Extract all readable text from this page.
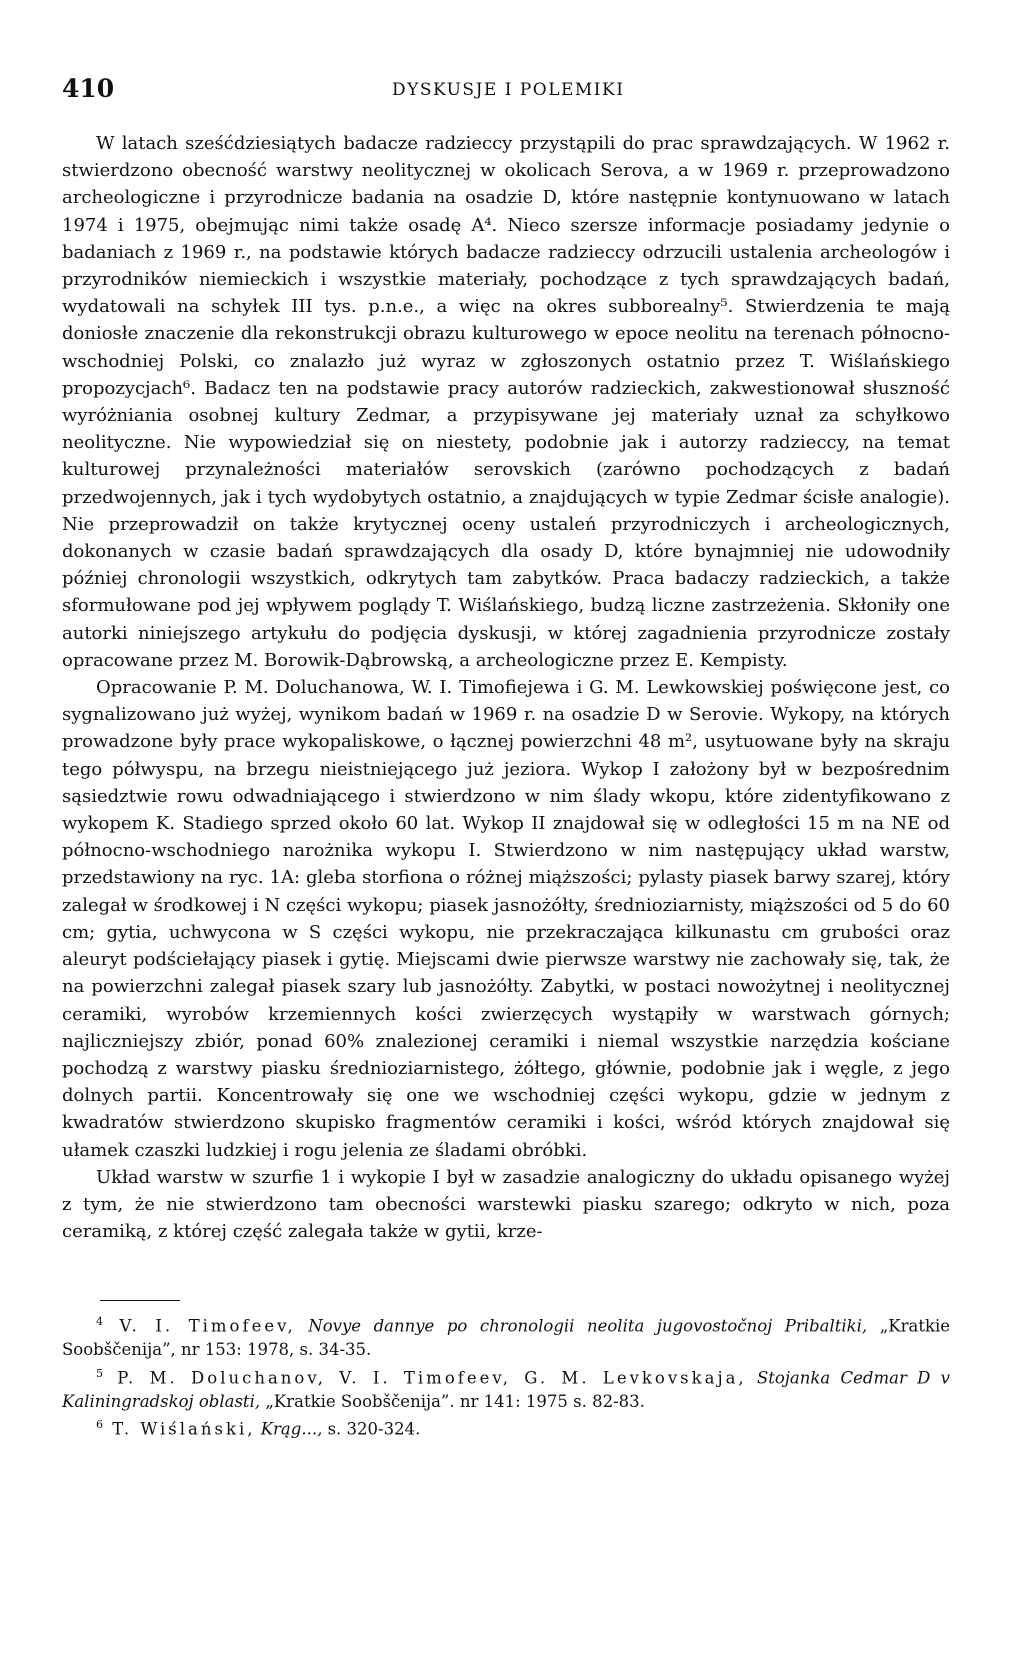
410	DYSKUSJE I POLEMIKI

W latach sześćdziesiątych badacze radzieccy przystąpili do prac sprawdzających. W 1962 r. stwierdzono obecność warstwy neolitycznej w okolicach Serova, a w 1969 r. przeprowadzono archeologiczne i przyrodnicze badania na osadzie D, które następnie kontynuowano w latach 1974 i 1975, obejmując nimi także osadę A⁴. Nieco szersze informacje posiadamy jedynie o badaniach z 1969 r., na podstawie których badacze radzieccy odrzucili ustalenia archeologów i przyrodników niemieckich i wszystkie materiały, pochodzące z tych sprawdzających badań, wydatowali na schyłek III tys. p.n.e., a więc na okres subborealny⁵. Stwierdzenia te mają doniosłe znaczenie dla rekonstrukcji obrazu kulturowego w epoce neolitu na terenach północno-wschodniej Polski, co znalazło już wyraz w zgłoszonych ostatnio przez T. Wiślańskiego propozycjach⁶. Badacz ten na podstawie pracy autorów radzieckich, zakwestionował słuszność wyróżniania osobnej kultury Zedmar, a przypisywane jej materiały uznał za schyłkowo neolityczne. Nie wypowiedział się on niestety, podobnie jak i autorzy radzieccy, na temat kulturowej przynależności materiałów serovskich (zarówno pochodzących z badań przedwojennych, jak i tych wydobytych ostatnio, a znajdujących w typie Zedmar ścisłe analogie). Nie przeprowadził on także krytycznej oceny ustaleń przyrodniczych i archeologicznych, dokonanych w czasie badań sprawdzających dla osady D, które bynajmniej nie udowodniły później chronologii wszystkich, odkrytych tam zabytków. Praca badaczy radzieckich, a także sformułowane pod jej wpływem poglądy T. Wiślańskiego, budzą liczne zastrzeżenia. Skłoniły one autorki niniejszego artykułu do podjęcia dyskusji, w której zagadnienia przyrodnicze zostały opracowane przez M. Borowik-Dąbrowską, a archeologiczne przez E. Kempisty.

Opracowanie P. M. Doluchanowa, W. I. Timofiejewa i G. M. Lewkowskiej poświęcone jest, co sygnalizowano już wyżej, wynikom badań w 1969 r. na osadzie D w Serovie. Wykopy, na których prowadzone były prace wykopaliskowe, o łącznej powierzchni 48 m², usytuowane były na skraju tego półwyspu, na brzegu nieistniejącego już jeziora. Wykop I założony był w bezpośrednim sąsiedztwie rowu odwadniającego i stwierdzono w nim ślady wkopu, które zidentyfikowano z wykopem K. Stadiego sprzed około 60 lat. Wykop II znajdował się w odległości 15 m na NE od północno-wschodniego narożnika wykopu I. Stwierdzono w nim następujący układ warstw, przedstawiony na ryc. 1A: gleba storfiona o różnej miąższości; pylasty piasek barwy szarej, który zalegał w środkowej i N części wykopu; piasek jasnożółty, średnioziarnisty, miąższości od 5 do 60 cm; gytia, uchwycona w S części wykopu, nie przekraczająca kilkunastu cm grubości oraz aleuryt podściełający piasek i gytię. Miejscami dwie pierwsze warstwy nie zachowały się, tak, że na powierzchni zalegał piasek szary lub jasnożółty. Zabytki, w postaci nowożytnej i neolitycznej ceramiki, wyrobów krzemiennych kości zwierzęcych wystąpiły w warstwach górnych; najliczniejszy zbiór, ponad 60% znalezionej ceramiki i niemal wszystkie narzędzia kościane pochodzą z warstwy piasku średnioziarnistego, żółtego, głównie, podobnie jak i węgle, z jego dolnych partii. Koncentrowały się one we wschodniej części wykopu, gdzie w jednym z kwadratów stwierdzono skupisko fragmentów ceramiki i kości, wśród których znajdował się ułamek czaszki ludzkiej i rogu jelenia ze śladami obróbki.

Układ warstw w szurfie 1 i wykopie I był w zasadzie analogiczny do układu opisanego wyżej z tym, że nie stwierdzono tam obecności warstewki piasku szarego; odkryto w nich, poza ceramiką, z której część zalegała także w gytii, krze-

$^4$ V. I. Timofeev, Novye dannye po chronologii neolita jugovostočnoj Pribaltiki, „Kratkie Soobščenija”, nr 153: 1978, s. 34-35.

$^5$ P. M. Doluchanov, V. I. Timofeev, G. M. Levkovskaja, Stojanka Cedmar D v Kaliningradskoj oblasti, „Kratkie Soobščenija”. nr 141: 1975 s. 82-83.

$^6$ T. Wiślański, Krąg..., s. 320-324.
